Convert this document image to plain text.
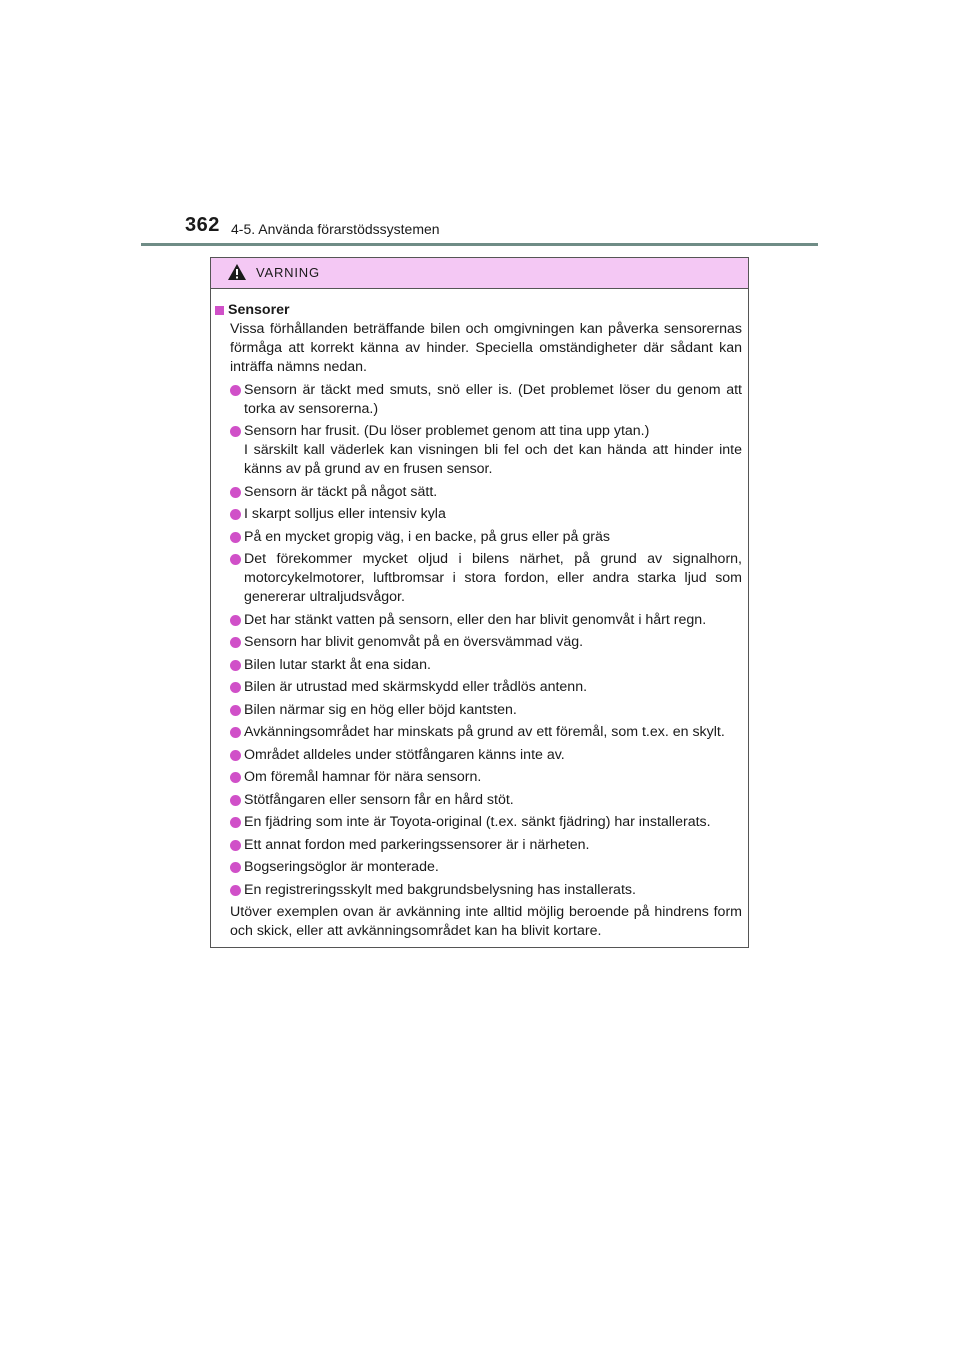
362 4-5. Använda förarstödssystemen
VARNING
Sensorer

Vissa förhållanden beträffande bilen och omgivningen kan påverka sensorernas förmåga att korrekt känna av hinder. Speciella omständigheter där sådant kan inträffa nämns nedan.

Sensorn är täckt med smuts, snö eller is. (Det problemet löser du genom att torka av sensorerna.)
Sensorn har frusit. (Du löser problemet genom att tina upp ytan.)
I särskilt kall väderlek kan visningen bli fel och det kan hända att hinder inte känns av på grund av en frusen sensor.
Sensorn är täckt på något sätt.
I skarpt solljus eller intensiv kyla
På en mycket gropig väg, i en backe, på grus eller på gräs
Det förekommer mycket oljud i bilens närhet, på grund av signalhorn, motorcykelmotorer, luftbromsar i stora fordon, eller andra starka ljud som genererar ultraljudsvågor.
Det har stänkt vatten på sensorn, eller den har blivit genomvåt i hårt regn.
Sensorn har blivit genomvåt på en översvämmad väg.
Bilen lutar starkt åt ena sidan.
Bilen är utrustad med skärmskydd eller trådlös antenn.
Bilen närmar sig en hög eller böjd kantsten.
Avkänningsområdet har minskats på grund av ett föremål, som t.ex. en skylt.
Området alldeles under stötfångaren känns inte av.
Om föremål hamnar för nära sensorn.
Stötfångaren eller sensorn får en hård stöt.
En fjädring som inte är Toyota-original (t.ex. sänkt fjädring) har installerats.
Ett annat fordon med parkeringssensorer är i närheten.
Bogseringsöglor är monterade.
En registreringsskylt med bakgrundsbelysning has installerats.

Utöver exemplen ovan är avkänning inte alltid möjlig beroende på hindrens form och skick, eller att avkänningsområdet kan ha blivit kortare.
